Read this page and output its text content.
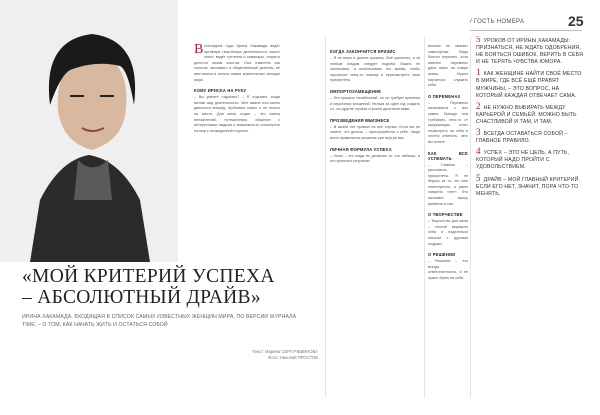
В последние годы Ирина Хакамада ведёт активную творческую деятельность: пишет книги, ведёт тренинги и семинары, открыто делится своим опытом. Она известна как политик, экономист и общественный деятель, её имя вошло в список самых влиятельных женщин мира.

КОМУ ИРИСКА НА РУКУ

– Вы умеете отдыхать? – Я отдыхаю, когда меняю вид деятельности. Мне важно постоянно двигаться вперёд, пробовать новое и не стоять на месте. Для меня отдых – это смена впечатлений, путешествия, общение с интересными людьми и возможность посмотреть на мир с неожиданной стороны.

КОГДА ЗАКОНЧИТСЯ КРИЗИС

– Я не верю в долгие кризисы. Всё циклично, и за любым спадом следует подъём. Важно не паниковать, а использовать это время, чтобы научиться чему-то новому и пересмотреть свои приоритеты.

ИМПОРТОЗАМЕЩЕНИЕ

– Это процесс неизбежный, но он требует времени и серьёзных вложений. Нельзя за один год создать то, что другие страны строили десятилетиями.

ПРОЗВЕДЕНИЯ ВБИЗНЕСЕ

– В жизни нет правил на все случаи. Если вы не знаете, что делать, – прислушайтесь к себе. Чаще всего правильное решение уже внутри вас.

ЛИЧНАЯ ФОРМУЛА УСПЕХА

– Успех – это когда ты делаешь то, что любишь, и это приносит результат.

многим не хватает самооценки. Люди боятся перемен, хотя именно перемены дают шанс на новую жизнь. Нужно научиться слушать себя.

О ПЕРЕМЕНАХ

– Перемены начинаются с вас самих. Прежде чем требовать чего-то от окружающих, стоит посмотреть на себя и честно ответить, чего вы хотите.

КАК ВСЕ УСПЕВАТЬ

– Главное – расставить приоритеты. Я не берусь за то, что мне неинтересно, и умею говорить «нет». Это экономит массу времени и сил.

О ТВОРЧЕСТВЕ

– Творчество для меня – способ выразить себя и поделиться опытом с другими людьми.

О РЕШЕНИИ

– Решение – это всегда ответственность, и её нужно брать на себя.

/ ГОСТЬ НОМЕРА	25
5 УРОКОВ ОТ ИРИНЫ ХАКАМАДЫ: ПРИЗНАТЬСЯ, НЕ ЖДАТЬ ОДОБРЕНИЯ, НЕ БОЯТЬСЯ ОШИБОК, ВЕРИТЬ В СЕБЯ И НЕ ТЕРЯТЬ ЧУВСТВА ЮМОРА.
1 КАК ЖЕНЩИНЕ НАЙТИ СВОЁ МЕСТО В МИРЕ, ГДЕ ВСЁ ЕЩЁ ПРАВЯТ МУЖЧИНЫ, – ЭТО ВОПРОС, НА КОТОРЫЙ КАЖДАЯ ОТВЕЧАЕТ САМА.
2 НЕ НУЖНО ВЫБИРАТЬ МЕЖДУ КАРЬЕРОЙ И СЕМЬЁЙ: МОЖНО БЫТЬ СЧАСТЛИВОЙ И ТАМ, И ТАМ.
3 ВСЕГДА ОСТАВАТЬСЯ СОБОЙ – ГЛАВНОЕ ПРАВИЛО.
4 УСПЕХ – ЭТО НЕ ЦЕЛЬ, А ПУТЬ, КОТОРЫЙ НАДО ПРОЙТИ С УДОВОЛЬСТВИЕМ.
5 ДРАЙВ – МОЙ ГЛАВНЫЙ КРИТЕРИЙ. ЕСЛИ ЕГО НЕТ, ЗНАЧИТ, ПОРА ЧТО-ТО МЕНЯТЬ.
«МОЙ КРИТЕРИЙ УСПЕХА
– АБСОЛЮТНЫЙ ДРАЙВ»
ИРИНА ХАКАМАДА, ВХОДЯЩАЯ В СПИСОК САМЫХ ИЗВЕСТНЫХ ЖЕНЩИН МИРА, ПО ВЕРСИИ ЖУРНАЛА TIME, – О ТОМ, КАК НАЧАТЬ ЖИТЬ И ОСТАТЬСЯ СОБОЙ
Текст: Марина СЕРГУЧЕВИНОВА
Фото: Николай ПРОСТОВ
